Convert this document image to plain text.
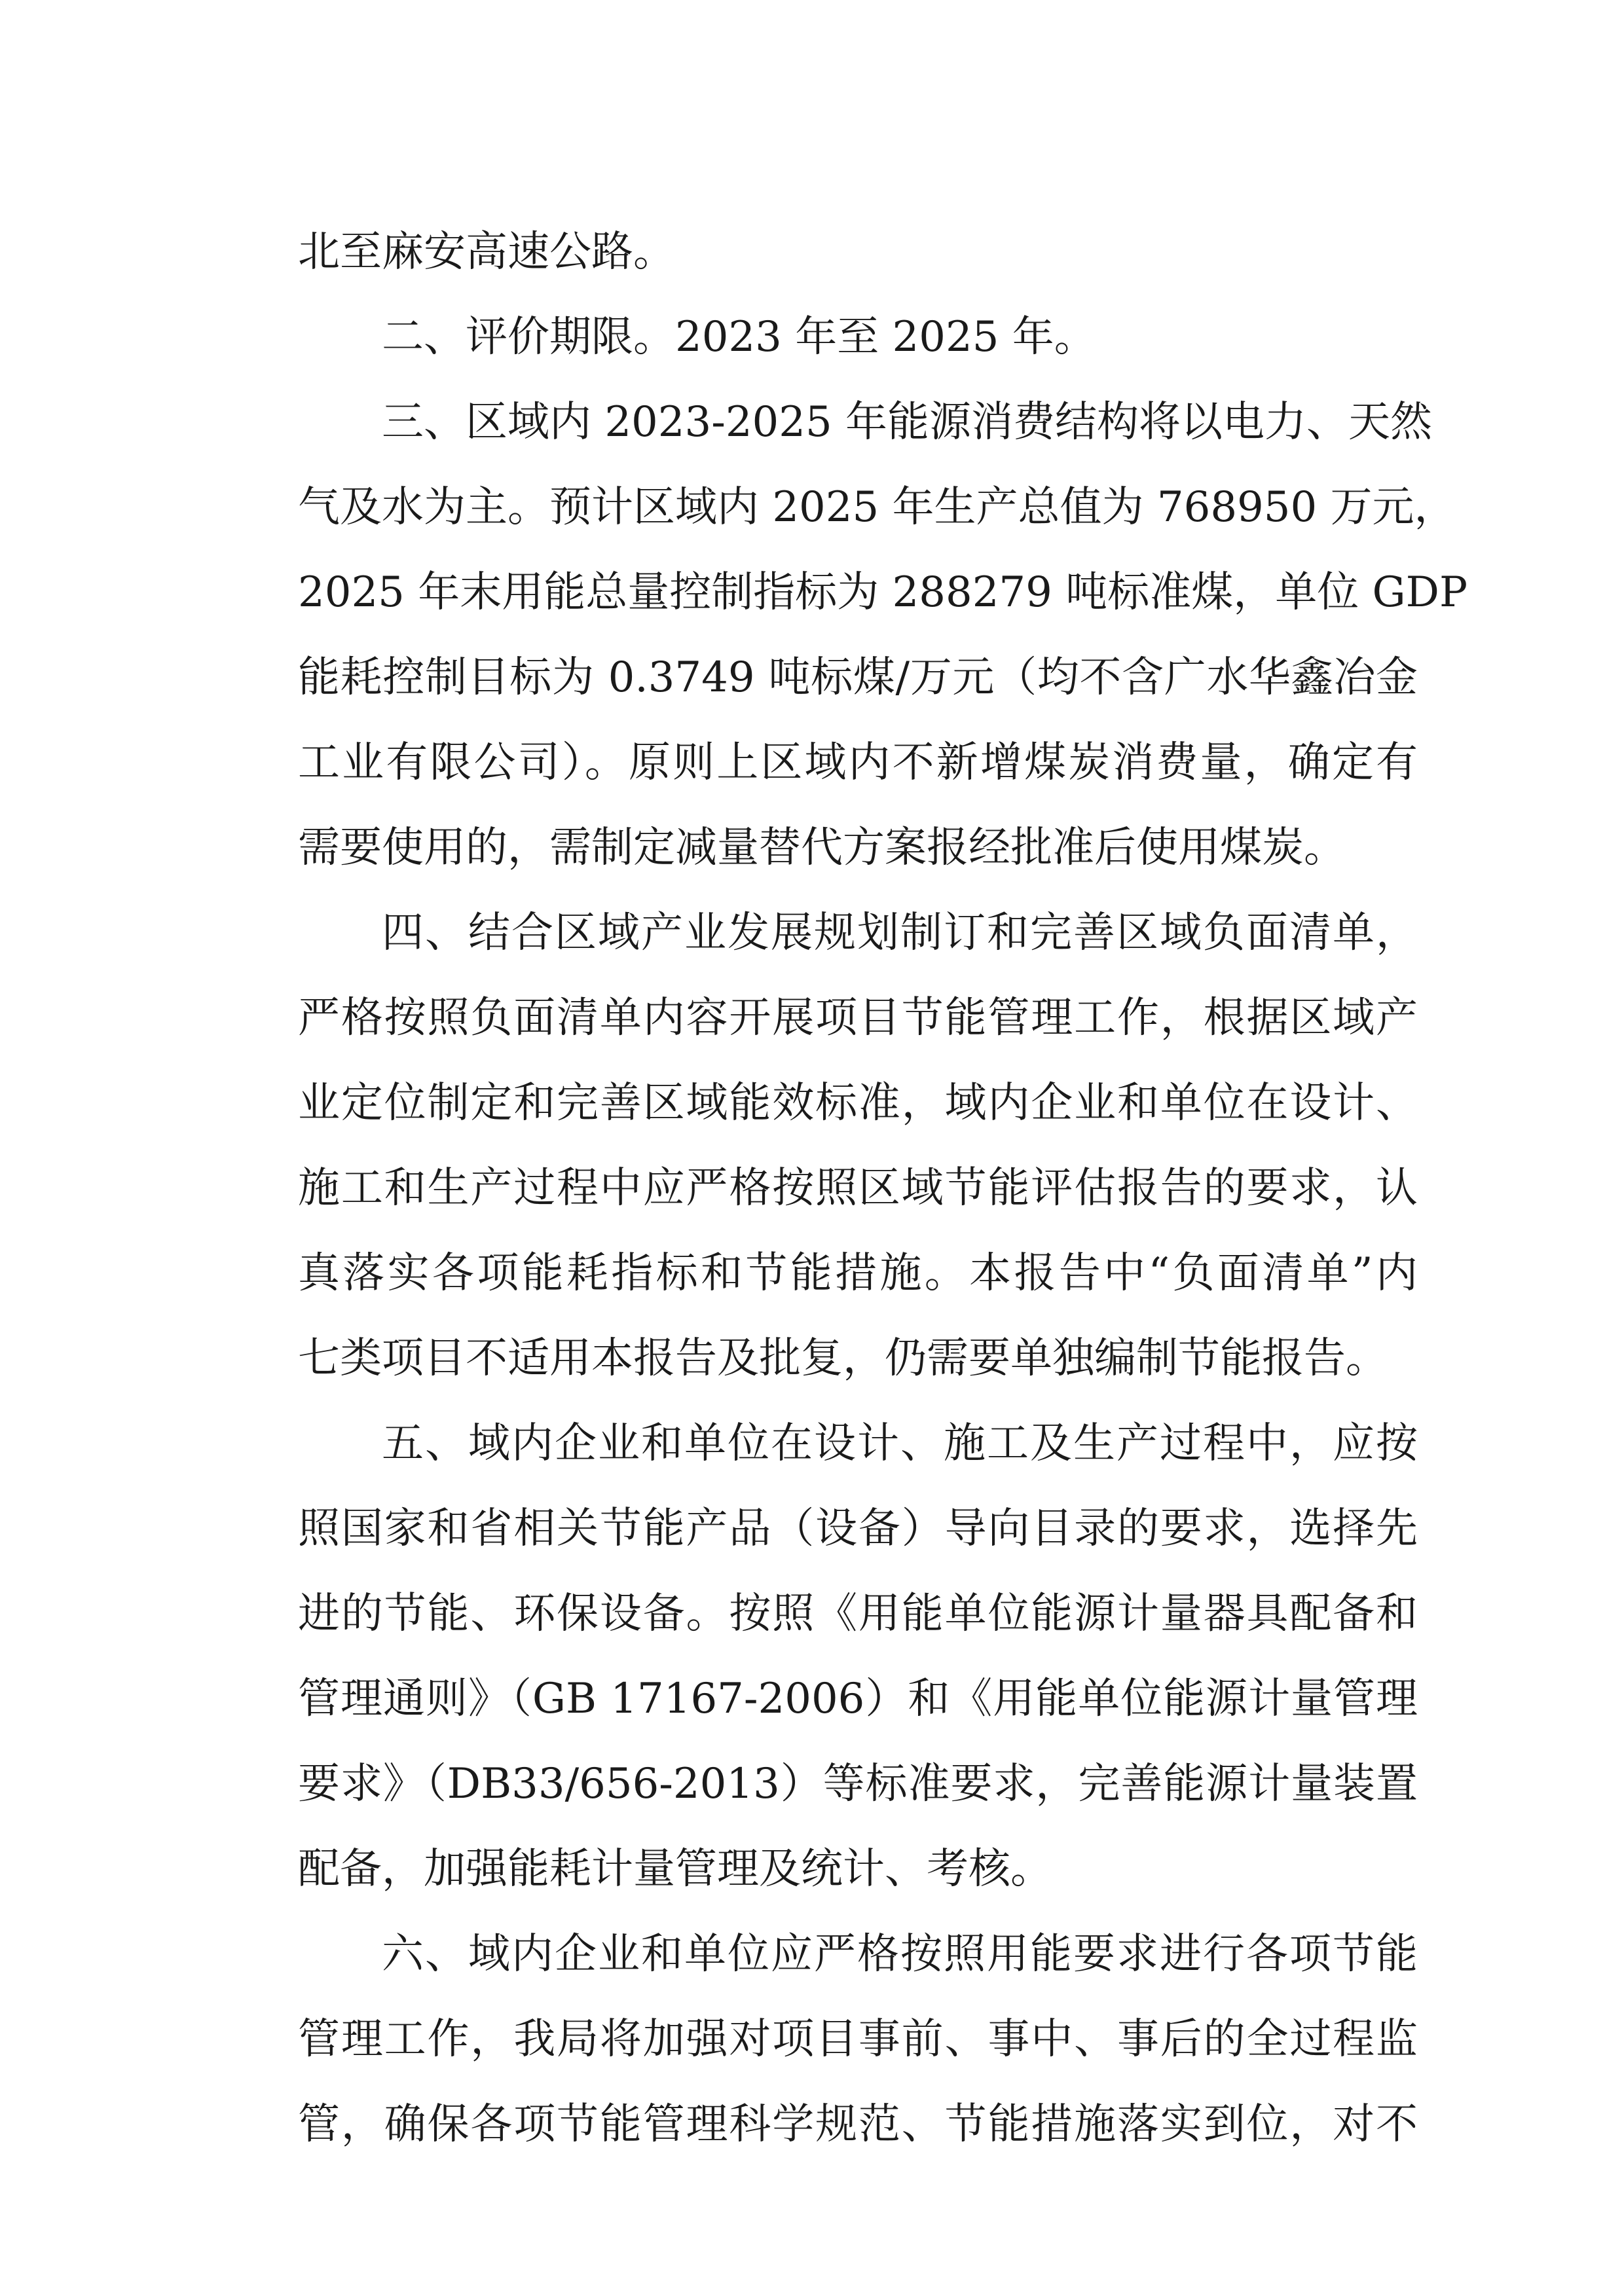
北至麻安高速公路。
二、评价期限。2023 年至 2025 年。
三、区域内 2023-2025 年能源消费结构将以电力、天然
气及水为主。预计区域内 2025 年生产总值为 768950 万元，
2025 年末用能总量控制指标为 288279 吨标准煤，单位 GDP
能耗控制目标为 0.3749 吨标煤/万元（均不含广水华鑫冶金
工业有限公司）。原则上区域内不新增煤炭消费量，确定有
需要使用的，需制定减量替代方案报经批准后使用煤炭。
四、结合区域产业发展规划制订和完善区域负面清单，
严格按照负面清单内容开展项目节能管理工作，根据区域产
业定位制定和完善区域能效标准，域内企业和单位在设计、
施工和生产过程中应严格按照区域节能评估报告的要求，认
真落实各项能耗指标和节能措施。本报告中“负面清单”内
七类项目不适用本报告及批复，仍需要单独编制节能报告。
五、域内企业和单位在设计、施工及生产过程中，应按
照国家和省相关节能产品（设备）导向目录的要求，选择先
进的节能、环保设备。按照《用能单位能源计量器具配备和
管理通则》（GB 17167-2006）和《用能单位能源计量管理
要求》（DB33/656-2013）等标准要求，完善能源计量装置
配备，加强能耗计量管理及统计、考核。
六、域内企业和单位应严格按照用能要求进行各项节能
管理工作，我局将加强对项目事前、事中、事后的全过程监
管，确保各项节能管理科学规范、节能措施落实到位，对不
